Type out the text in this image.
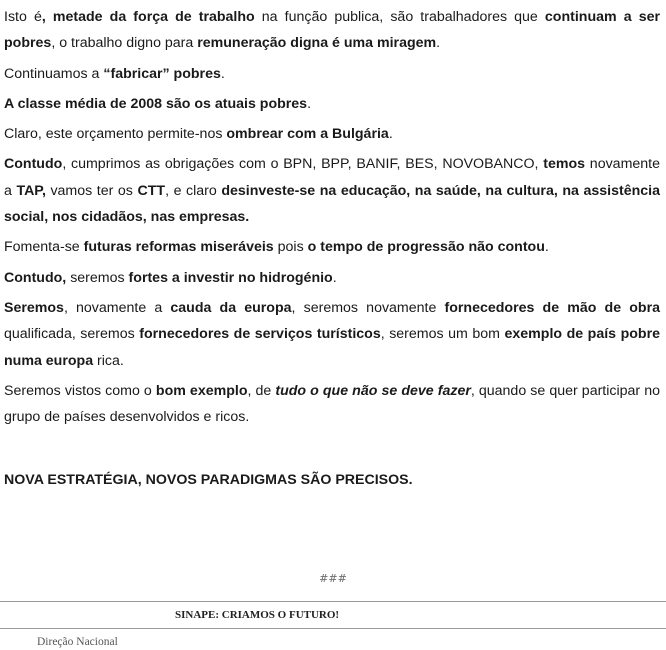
Isto é, metade da força de trabalho na função publica, são trabalhadores que continuam a ser pobres, o trabalho digno para remuneração digna é uma miragem.

Continuamos a “fabricar” pobres.

A classe média de 2008 são os atuais pobres.

Claro, este orçamento permite-nos ombrear com a Bulgária.

Contudo, cumprimos as obrigações com o BPN, BPP, BANIF, BES, NOVOBANCO, temos novamente a TAP, vamos ter os CTT, e claro desinveste-se na educação, na saúde, na cultura, na assistência social, nos cidadãos, nas empresas.

Fomenta-se futuras reformas miseráveis pois o tempo de progressão não contou.

Contudo, seremos fortes a investir no hidrogénio.

Seremos, novamente a cauda da europa, seremos novamente fornecedores de mão de obra qualificada, seremos fornecedores de serviços turísticos, seremos um bom exemplo de país pobre numa europa rica.

Seremos vistos como o bom exemplo, de tudo o que não se deve fazer, quando se quer participar no grupo de países desenvolvidos e ricos.

NOVA ESTRATÉGIA, NOVOS PARADIGMAS SÃO PRECISOS.
###
SINAPE: CRIAMOS O FUTURO!
Direção Nacional
